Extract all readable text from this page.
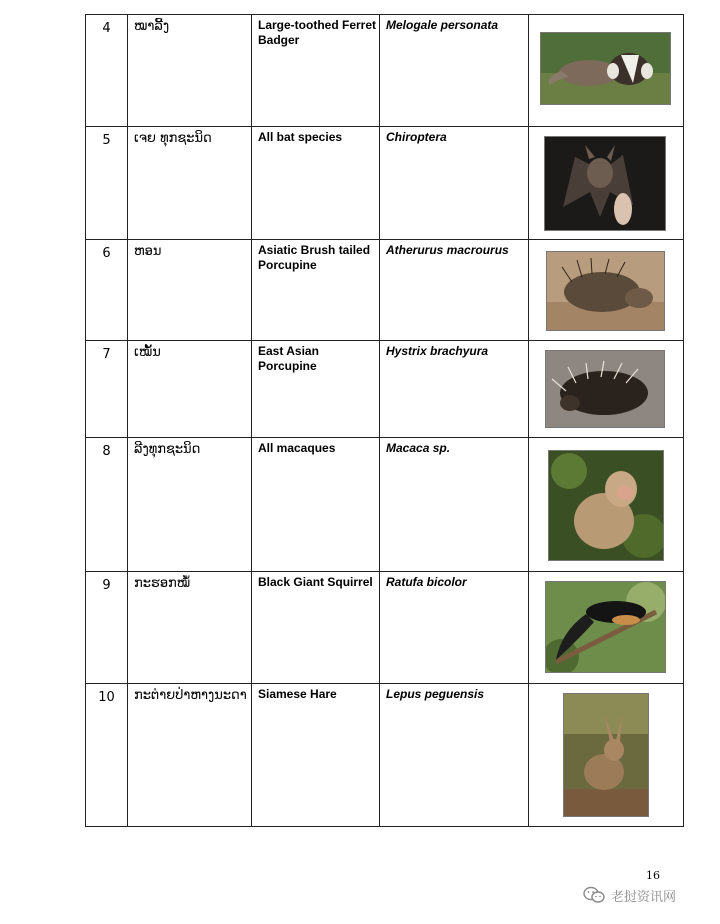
4	ໝາລີ້ງ	Large-toothed Ferret Badger	Melogale personata	

5	ເຈຍ ທຸກຊະນິດ	All bat species	Chiroptera	

6	ຫອນ	Asiatic Brush tailed Porcupine	Atherurus macrourus	

7	ເໝັ້ນ	East Asian Porcupine	Hystrix brachyura	

8	ລີງທຸກຊະນິດ	All macaques	Macaca sp.	

9	ກະຮອກໝໍ້	Black Giant Squirrel	Ratufa bicolor	

10	ກະຕ່າຍປ່າຫາງນະດາ	Siamese Hare	Lepus peguensis	
16
老挝资讯网
